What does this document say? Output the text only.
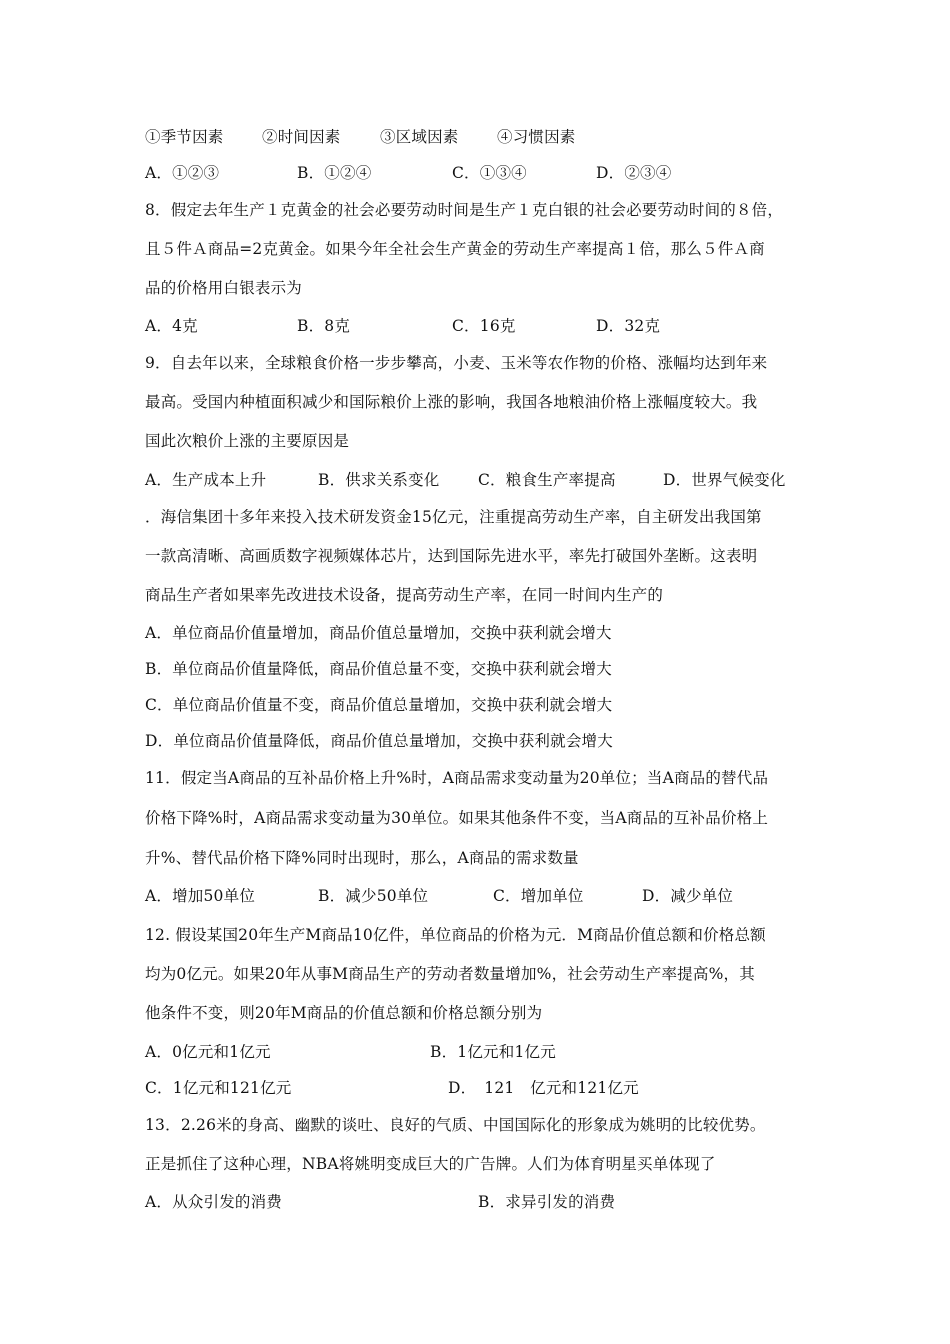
①季节因素 ②时间因素	③区域因素 ④习惯因素
A．①②③	B．①②④	C．①③④	D．②③④
8．假定去年生产１克黄金的社会必要劳动时间是生产１克白银的社会必要劳动时间的８倍，
且５件Ａ商品=2克黄金。如果今年全社会生产黄金的劳动生产率提高１倍，那么５件Ａ商
品的价格用白银表示为
A．4克	B．8克	C．16克	D．32克
9．自去年以来，全球粮食价格一步步攀高，小麦、玉米等农作物的价格、涨幅均达到年来
最高。受国内种植面积减少和国际粮价上涨的影响，我国各地粮油价格上涨幅度较大。我
国此次粮价上涨的主要原因是
A．生产成本上升	B．供求关系变化 C．粮食生产率提高	D．世界气候变化
．海信集团十多年来投入技术研发资金15亿元，注重提高劳动生产率，自主研发出我国第
一款高清晰、高画质数字视频媒体芯片，达到国际先进水平，率先打破国外垄断。这表明
商品生产者如果率先改进技术设备，提高劳动生产率，在同一时间内生产的
A．单位商品价值量增加，商品价值总量增加，交换中获利就会增大
B．单位商品价值量降低，商品价值总量不变，交换中获利就会增大
C．单位商品价值量不变，商品价值总量增加，交换中获利就会增大
D．单位商品价值量降低，商品价值总量增加，交换中获利就会增大
11．假定当A商品的互补品价格上升%时，A商品需求变动量为20单位；当A商品的替代品
价格下降%时，A商品需求变动量为30单位。如果其他条件不变，当A商品的互补品价格上
升%、替代品价格下降%同时出现时，那么，A商品的需求数量
A．增加50单位	B．减少50单位	C．增加单位	D．减少单位
12. 假设某国20年生产M商品10亿件，单位商品的价格为元．M商品价值总额和价格总额
均为0亿元。如果20年从事M商品生产的劳动者数量增加%，社会劳动生产率提高%，其
他条件不变，则20年M商品的价值总额和价格总额分别为
A．0亿元和1亿元	B．1亿元和1亿元
C．1亿元和121亿元	D．　121　亿元和121亿元
13．2.26米的身高、幽默的谈吐、良好的气质、中国国际化的形象成为姚明的比较优势。
正是抓住了这种心理，NBA将姚明变成巨大的广告牌。人们为体育明星买单体现了
A．从众引发的消费	B．求异引发的消费
